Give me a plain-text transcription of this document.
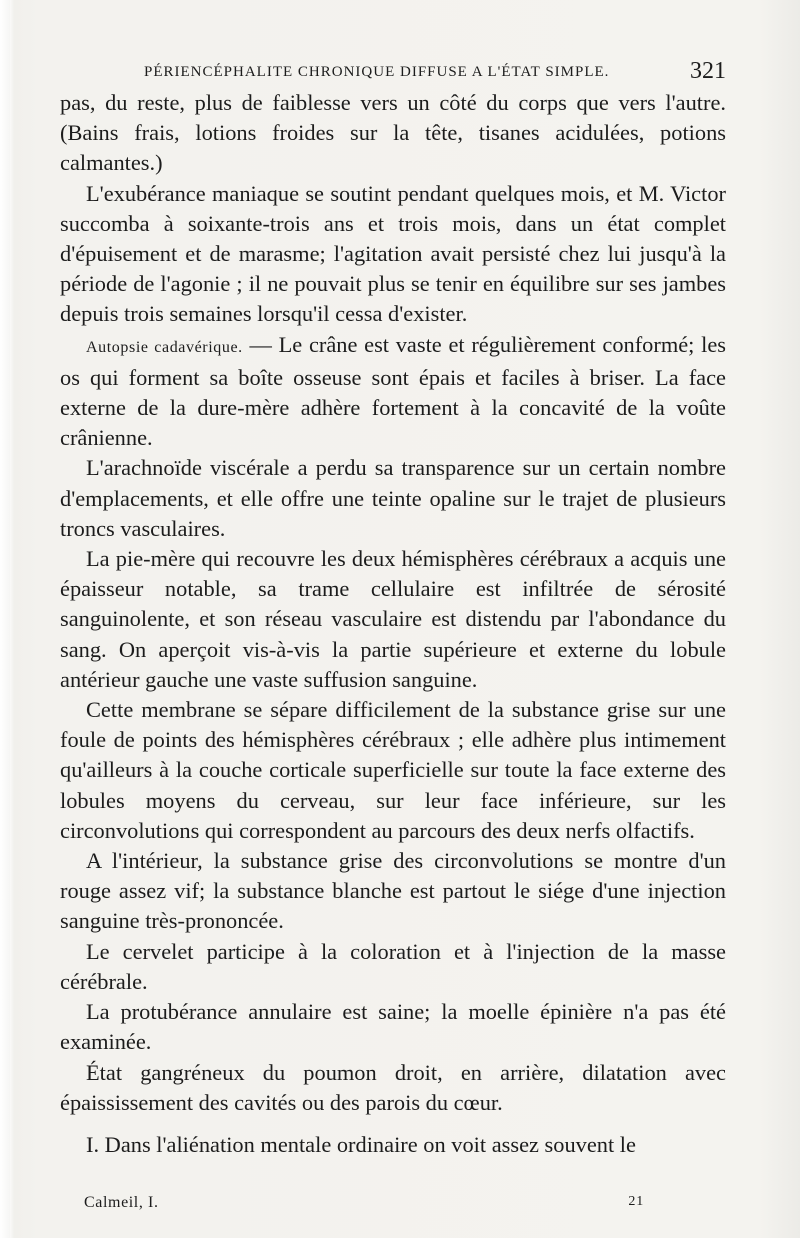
PÉRIENCÉPHALITE CHRONIQUE DIFFUSE A L'ÉTAT SIMPLE.	321

pas, du reste, plus de faiblesse vers un côté du corps que vers l'autre. (Bains frais, lotions froides sur la tête, tisanes acidulées, potions calmantes.)

L'exubérance maniaque se soutint pendant quelques mois, et M. Victor succomba à soixante-trois ans et trois mois, dans un état complet d'épuisement et de marasme; l'agitation avait persisté chez lui jusqu'à la période de l'agonie ; il ne pouvait plus se tenir en équilibre sur ses jambes depuis trois semaines lorsqu'il cessa d'exister.

Autopsie cadavérique. — Le crâne est vaste et régulièrement conformé; les os qui forment sa boîte osseuse sont épais et faciles à briser. La face externe de la dure-mère adhère fortement à la concavité de la voûte crânienne.

L'arachnoïde viscérale a perdu sa transparence sur un certain nombre d'emplacements, et elle offre une teinte opaline sur le trajet de plusieurs troncs vasculaires.

La pie-mère qui recouvre les deux hémisphères cérébraux a acquis une épaisseur notable, sa trame cellulaire est infiltrée de sérosité sanguinolente, et son réseau vasculaire est distendu par l'abondance du sang. On aperçoit vis-à-vis la partie supérieure et externe du lobule antérieur gauche une vaste suffusion sanguine.

Cette membrane se sépare difficilement de la substance grise sur une foule de points des hémisphères cérébraux ; elle adhère plus intimement qu'ailleurs à la couche corticale superficielle sur toute la face externe des lobules moyens du cerveau, sur leur face inférieure, sur les circonvolutions qui correspondent au parcours des deux nerfs olfactifs.

A l'intérieur, la substance grise des circonvolutions se montre d'un rouge assez vif; la substance blanche est partout le siége d'une injection sanguine très-prononcée.

Le cervelet participe à la coloration et à l'injection de la masse cérébrale.

La protubérance annulaire est saine; la moelle épinière n'a pas été examinée.

État gangréneux du poumon droit, en arrière, dilatation avec épaississement des cavités ou des parois du cœur.

I. Dans l'aliénation mentale ordinaire on voit assez souvent le

Calmeil, I.	21
